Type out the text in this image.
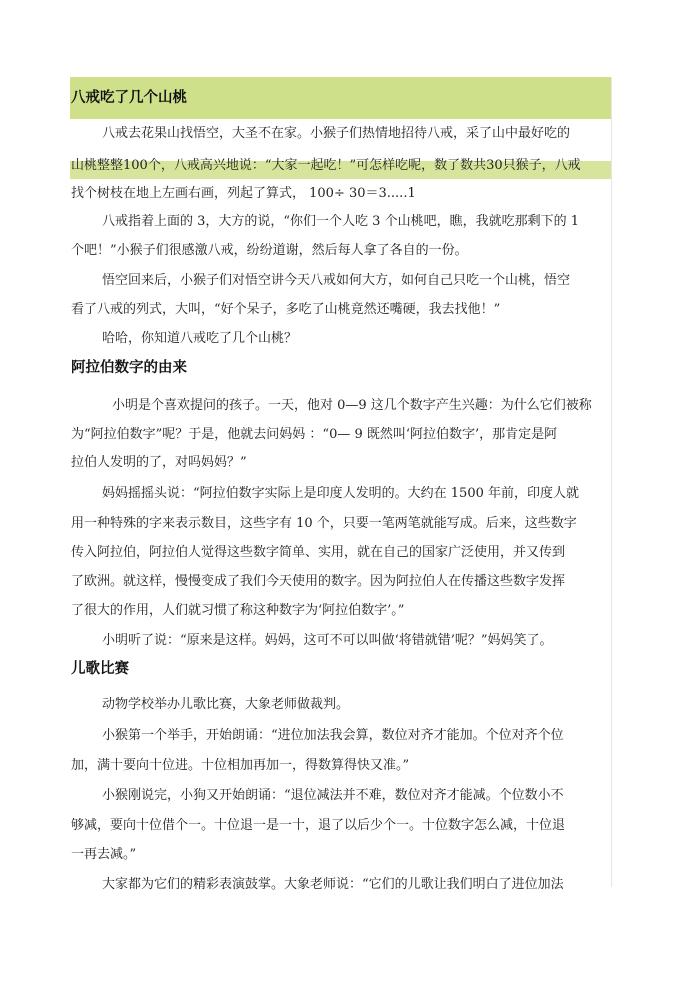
八戒吃了几个山桃
八戒去花果山找悟空，大圣不在家。小猴子们热情地招待八戒，采了山中最好吃的
山桃整整100个，八戒高兴地说：“大家一起吃！”可怎样吃呢，数了数共30只猴子，八戒
找个树枝在地上左画右画，列起了算式， 100÷ 30＝3.....1
八戒指着上面的 3，大方的说，“你们一个人吃 3 个山桃吧，瞧，我就吃那剩下的 1
个吧！”小猴子们很感激八戒，纷纷道谢，然后每人拿了各自的一份。
悟空回来后，小猴子们对悟空讲今天八戒如何大方，如何自己只吃一个山桃，悟空
看了八戒的列式，大叫，“好个呆子，多吃了山桃竟然还嘴硬，我去找他！”
哈哈，你知道八戒吃了几个山桃？
阿拉伯数字的由来
小明是个喜欢提问的孩子。一天，他对 0—9 这几个数字产生兴趣：为什么它们被称
为“阿拉伯数字”呢？于是，他就去问妈妈 ：“0— 9 既然叫‘阿拉伯数字’，那肯定是阿
拉伯人发明的了，对吗妈妈？”
妈妈摇摇头说：“阿拉伯数字实际上是印度人发明的。大约在 1500 年前，印度人就
用一种特殊的字来表示数目，这些字有 10 个，只要一笔两笔就能写成。后来，这些数字
传入阿拉伯，阿拉伯人觉得这些数字简单、实用，就在自己的国家广泛使用，并又传到
了欧洲。就这样，慢慢变成了我们今天使用的数字。因为阿拉伯人在传播这些数字发挥
了很大的作用，人们就习惯了称这种数字为‘阿拉伯数字’。”
小明听了说：“原来是这样。妈妈，这可不可以叫做‘将错就错’呢？”妈妈笑了。
儿歌比赛
动物学校举办儿歌比赛，大象老师做裁判。
小猴第一个举手，开始朗诵：“进位加法我会算，数位对齐才能加。个位对齐个位
加，满十要向十位进。十位相加再加一，得数算得快又准。”
小猴刚说完，小狗又开始朗诵：“退位减法并不难，数位对齐才能减。个位数小不
够减，要向十位借个一。十位退一是一十，退了以后少个一。十位数字怎么减，十位退
一再去减。”
大家都为它们的精彩表演鼓掌。大象老师说：“它们的儿歌让我们明白了进位加法
